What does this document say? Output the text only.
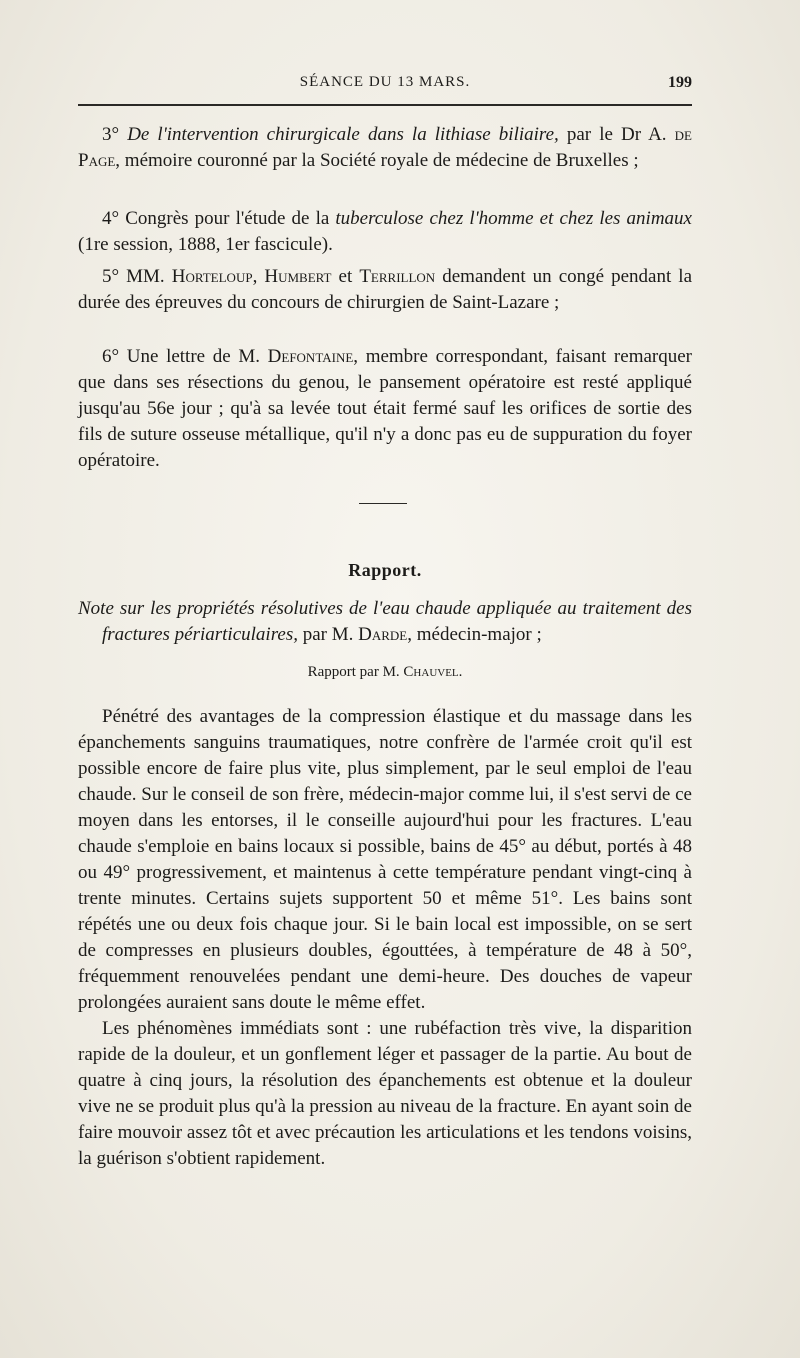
SÉANCE DU 13 MARS.	199

3° De l'intervention chirurgicale dans la lithiase biliaire, par le Dr A. de Page, mémoire couronné par la Société royale de médecine de Bruxelles ;

4° Congrès pour l'étude de la tuberculose chez l'homme et chez les animaux (1re session, 1888, 1er fascicule).

5° MM. Horteloup, Humbert et Terrillon demandent un congé pendant la durée des épreuves du concours de chirurgien de Saint-Lazare ;

6° Une lettre de M. Defontaine, membre correspondant, faisant remarquer que dans ses résections du genou, le pansement opératoire est resté appliqué jusqu'au 56e jour ; qu'à sa levée tout était fermé sauf les orifices de sortie des fils de suture osseuse métallique, qu'il n'y a donc pas eu de suppuration du foyer opératoire.

Rapport.
Note sur les propriétés résolutives de l'eau chaude appliquée au traitement des fractures périarticulaires, par M. Darde, médecin-major ;
Rapport par M. Chauvel.

Pénétré des avantages de la compression élastique et du massage dans les épanchements sanguins traumatiques, notre confrère de l'armée croit qu'il est possible encore de faire plus vite, plus simplement, par le seul emploi de l'eau chaude. Sur le conseil de son frère, médecin-major comme lui, il s'est servi de ce moyen dans les entorses, il le conseille aujourd'hui pour les fractures. L'eau chaude s'emploie en bains locaux si possible, bains de 45° au début, portés à 48 ou 49° progressivement, et maintenus à cette température pendant vingt-cinq à trente minutes. Certains sujets supportent 50 et même 51°. Les bains sont répétés une ou deux fois chaque jour. Si le bain local est impossible, on se sert de compresses en plusieurs doubles, égouttées, à température de 48 à 50°, fréquemment renouvelées pendant une demi-heure. Des douches de vapeur prolongées auraient sans doute le même effet.

Les phénomènes immédiats sont : une rubéfaction très vive, la disparition rapide de la douleur, et un gonflement léger et passager de la partie. Au bout de quatre à cinq jours, la résolution des épanchements est obtenue et la douleur vive ne se produit plus qu'à la pression au niveau de la fracture. En ayant soin de faire mouvoir assez tôt et avec précaution les articulations et les tendons voisins, la guérison s'obtient rapidement.
